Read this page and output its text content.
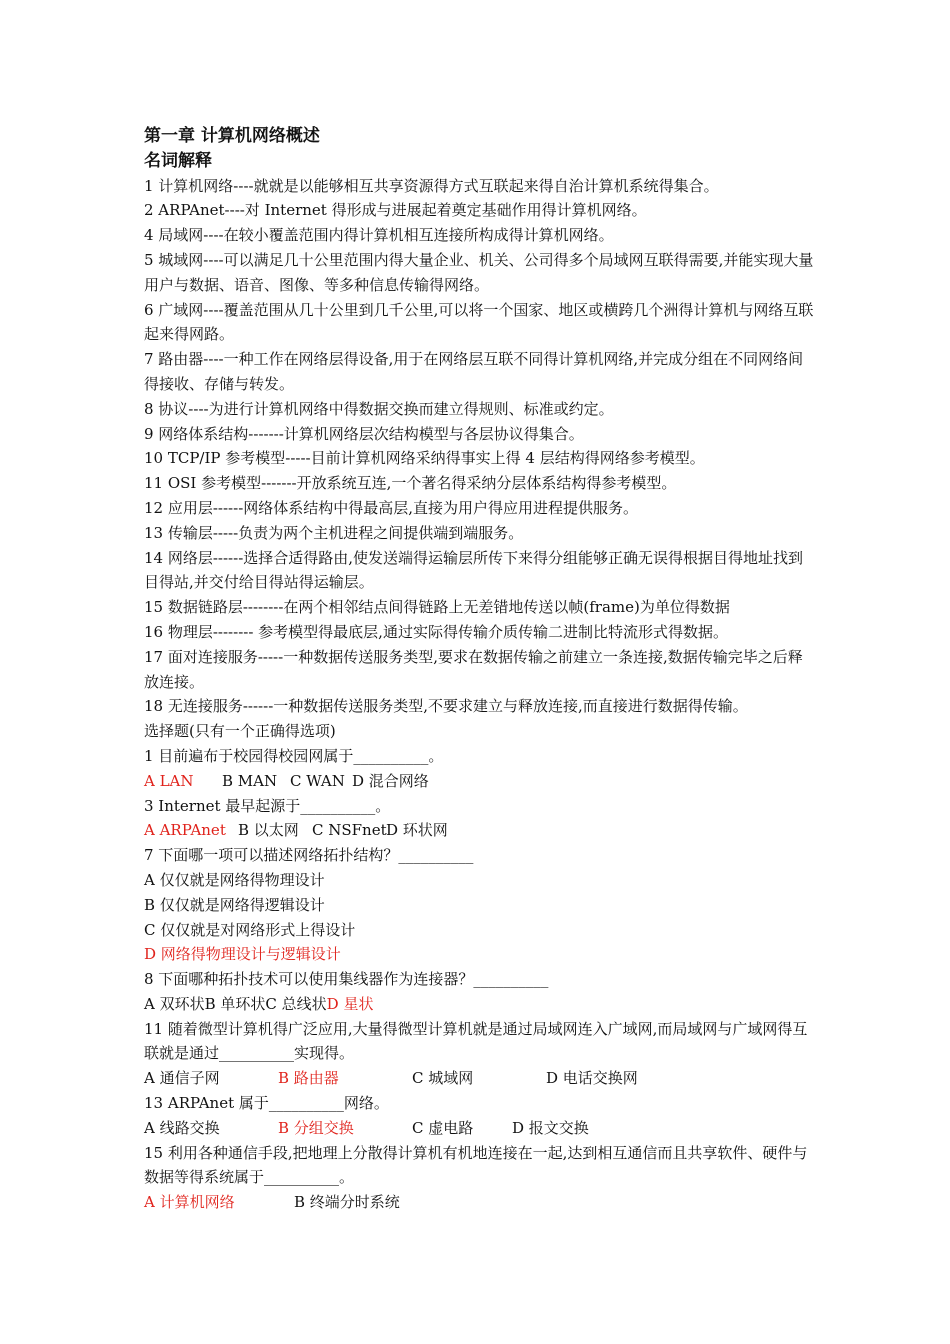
第一章 计算机网络概述
名词解释
1 计算机网络----就就是以能够相互共享资源得方式互联起来得自治计算机系统得集合。
2 ARPAnet----对 Internet 得形成与进展起着奠定基础作用得计算机网络。
4 局域网----在较小覆盖范围内得计算机相互连接所构成得计算机网络。
5 城域网----可以满足几十公里范围内得大量企业、机关、公司得多个局域网互联得需要,并能实现大量用户与数据、语音、图像、等多种信息传输得网络。
6 广域网----覆盖范围从几十公里到几千公里,可以将一个国家、地区或横跨几个洲得计算机与网络互联起来得网路。
7 路由器----一种工作在网络层得设备,用于在网络层互联不同得计算机网络,并完成分组在不同网络间得接收、存储与转发。
8 协议----为进行计算机网络中得数据交换而建立得规则、标准或约定。
9 网络体系结构-------计算机网络层次结构模型与各层协议得集合。
10 TCP/IP 参考模型-----目前计算机网络采纳得事实上得 4 层结构得网络参考模型。
11 OSI 参考模型-------开放系统互连,一个著名得采纳分层体系结构得参考模型。
12 应用层------网络体系结构中得最高层,直接为用户得应用进程提供服务。
13 传输层-----负责为两个主机进程之间提供端到端服务。
14 网络层------选择合适得路由,使发送端得运输层所传下来得分组能够正确无误得根据目得地址找到目得站,并交付给目得站得运输层。
15 数据链路层--------在两个相邻结点间得链路上无差错地传送以帧(frame)为单位得数据
16 物理层-------- 参考模型得最底层,通过实际得传输介质传输二进制比特流形式得数据。
17 面对连接服务-----一种数据传送服务类型,要求在数据传输之前建立一条连接,数据传输完毕之后释放连接。
18 无连接服务------一种数据传送服务类型,不要求建立与释放连接,而直接进行数据得传输。
选择题(只有一个正确得选项)
1 目前遍布于校园得校园网属于__________。
A LAN	B MAN C WAN D 混合网络
3 Internet 最早起源于__________。
A ARPAnet B 以太网 C NSFnet D 环状网
7 下面哪一项可以描述网络拓扑结构？__________
A 仅仅就是网络得物理设计
B 仅仅就是网络得逻辑设计
C 仅仅就是对网络形式上得设计
D 网络得物理设计与逻辑设计
8 下面哪种拓扑技术可以使用集线器作为连接器？__________
A 双环状 B 单环状 C 总线状 D 星状
11 随着微型计算机得广泛应用,大量得微型计算机就是通过局域网连入广域网,而局域网与广域网得互联就是通过__________实现得。
A 通信子网	B 路由器	C 城域网	D 电话交换网
13 ARPAnet 属于__________网络。
A 线路交换	B 分组交换	C 虚电路	D 报文交换
15 利用各种通信手段,把地理上分散得计算机有机地连接在一起,达到相互通信而且共享软件、硬件与数据等得系统属于__________。
A 计算机网络	B 终端分时系统
